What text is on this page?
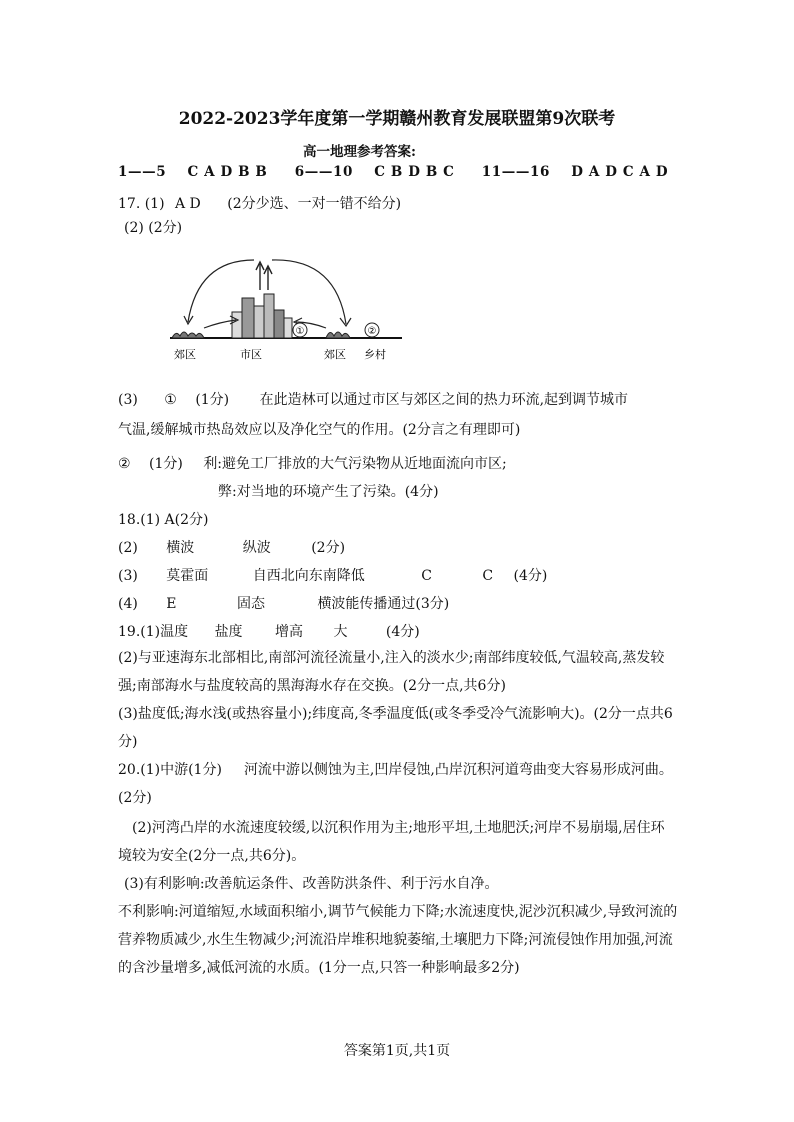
2022-2023学年度第一学期赣州教育发展联盟第9次联考
高一地理参考答案:
1——5 C A D B B 6——10 C B D B C 11——16 D A D C A D
17. (1) A D (2分少选、一对一错不给分)
(2) (2分)
①	②
郊区	市区	郊区 乡村
(3) ① (1分) 在此造林可以通过市区与郊区之间的热力环流,起到调节城市
气温,缓解城市热岛效应以及净化空气的作用。(2分言之有理即可)
② (1分) 利:避免工厂排放的大气污染物从近地面流向市区;
弊:对当地的环境产生了污染。(4分)
18.(1) A(2分)
(2) 横波	纵波	(2分)
(3) 莫霍面	自西北向东南降低	C	C (4分)
(4) E	固态	横波能传播通过(3分)
19.(1)温度 盐度 增高 大	(4分)
(2)与亚速海东北部相比,南部河流径流量小,注入的淡水少;南部纬度较低,气温较高,蒸发较强;南部海水与盐度较高的黑海海水存在交换。(2分一点,共6分)
(3)盐度低;海水浅(或热容量小);纬度高,冬季温度低(或冬季受冷气流影响大)。(2分一点共6分)
20.(1)中游(1分) 河流中游以侧蚀为主,凹岸侵蚀,凸岸沉积河道弯曲变大容易形成河曲。(2分)
(2)河湾凸岸的水流速度较缓,以沉积作用为主;地形平坦,土地肥沃;河岸不易崩塌,居住环境较为安全(2分一点,共6分)。
(3)有利影响:改善航运条件、改善防洪条件、利于污水自净。
不利影响:河道缩短,水域面积缩小,调节气候能力下降;水流速度快,泥沙沉积减少,导致河流的营养物质减少,水生生物减少;河流沿岸堆积地貌萎缩,土壤肥力下降;河流侵蚀作用加强,河流的含沙量增多,减低河流的水质。(1分一点,只答一种影响最多2分)
答案第1页,共1页
